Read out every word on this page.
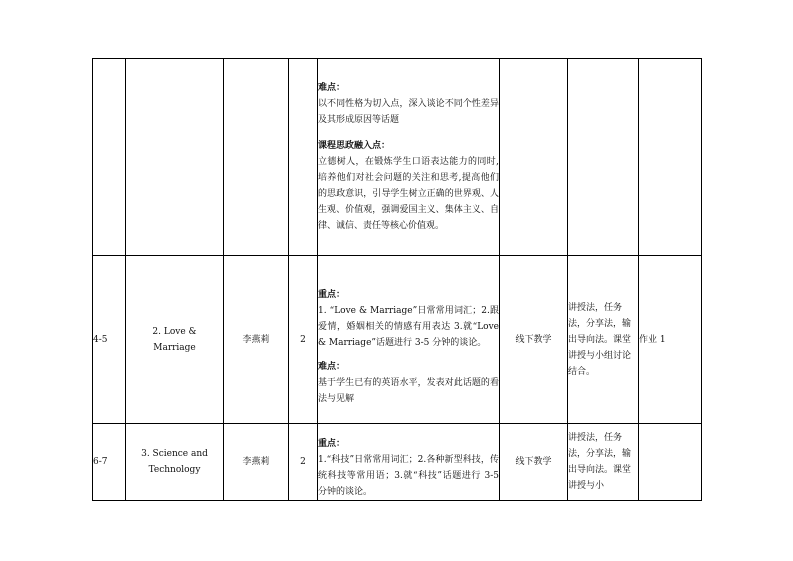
				难点：
以不同性格为切入点，深入谈论不同个性差异及其形成原因等话题
课程思政融入点：
立德树人，在锻炼学生口语表达能力的同时,培养他们对社会问题的关注和思考,提高他们的思政意识，引导学生树立正确的世界观、人生观、价值观，强调爱国主义、集体主义、自律、诚信、责任等核心价值观。			

4-5	2. Love &
Marriage	李燕莉	2	重点：
1. “Love & Marriage”日常常用词汇；2.跟爱情，婚姻相关的情感有用表达 3.就“Love & Marriage”话题进行 3-5 分钟的谈论。
难点：
基于学生已有的英语水平，发表对此话题的看法与见解	线下教学	讲授法，任务法，分享法，输出导向法。课堂讲授与小组讨论结合。	作业 1
6-7	3. Science and
Technology	李燕莉	2	重点：
1.“科技”日常常用词汇；2.各种新型科技，传统科技等常用语；3.就“科技”话题进行 3-5 分钟的谈论。	线下教学	讲授法，任务法，分享法，输出导向法。课堂讲授与小	
